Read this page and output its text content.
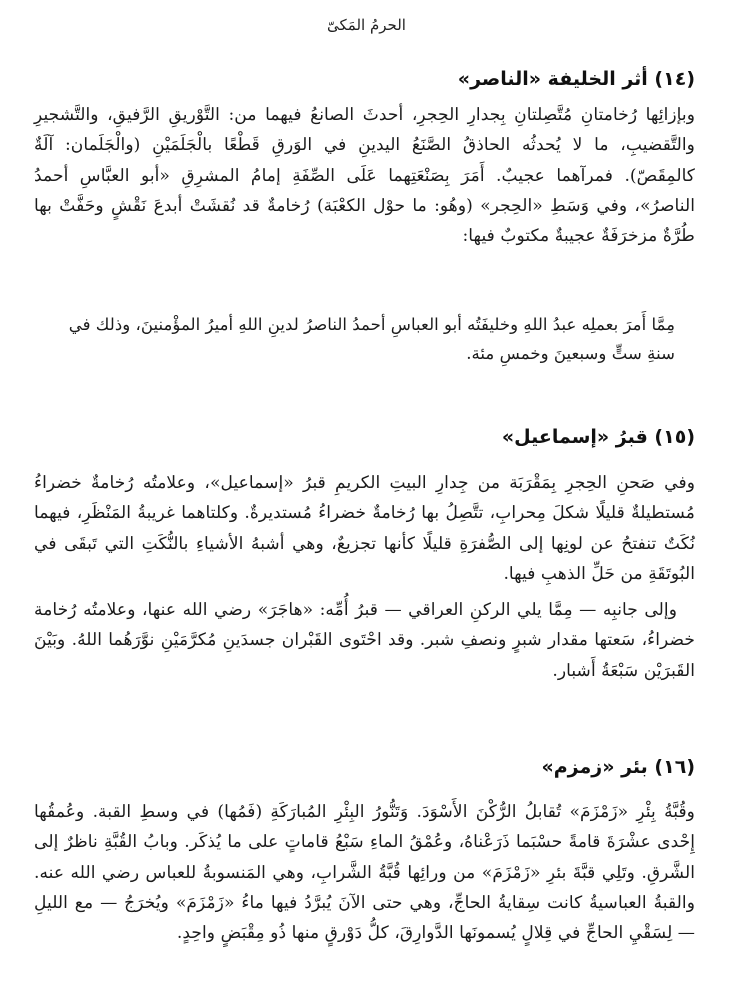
الحرمُ المَكىّ
(١٤) أثر الخليفة «الناصر»

وبإزائِها رُخامتانِ مُتَّصِلتانِ بِجدارِ الحِجرِ، أحدثَ الصانعُ فيهما من: التَّوْريقِ الرَّفيقِ، والتَّشجيرِ والتَّقضيبِ، ما لا يُحدثُه الحاذقُ الصَّنَعُ اليدينِ في الوَرقِ قَطْعًا بالْجَلَمَيْنِ (والْجَلَمان: آلَةٌ كالمِقَصّ). فمرآهما عجيبٌ. أَمَرَ بِصَنْعَتِهما عَلَى الصِّفَةِ إمامُ المشرِقِ «أبو العبَّاسِ أحمدُ الناصرُ»، وفي وَسَطِ «الحِجر» (وهُو: ما حوْل الكعْبَة) رُخامةٌ قد نُقشَتْ أبدعَ نَقْشٍ وحَفَّتْ بها طُرَّةٌ مزخرَفَةٌ عجيبةٌ مكتوبٌ فيها:

مِمَّا أَمرَ بعملِه عبدُ اللهِ وخليفَتُه أبو العباسِ أحمدُ الناصرُ لدينِ اللهِ أميرُ المؤْمنينَ، وذلك في سنةِ ستٍّ وسبعينَ وخمسِ مئة.

(١٥) قبرُ «إسماعيل»

وفي صَحنِ الحِجرِ بِمَقْرَبَة من جِدارِ البيتِ الكريمِ قبرُ «إسماعيل»، وعلامتُه رُخامةٌ خضراءُ مُستطيلةٌ قليلًا شكلَ مِحرابِ، تتَّصِلُ بها رُخامةٌ خضراءُ مُستديرةٌ. وكلتاهما غريبةُ المَنْظَرِ، فيهما نُكَتٌ تنفتحُ عن لونِها إلى الصُّفرَةِ قليلًا كأنها تجزيعٌ، وهي أشبهُ الأشياءِ بالنُّكَتِ التي تَبقَى في البُوتَقَةِ من حَلِّ الذهبِ فيها.

وإلى جانبِه — مِمَّا يلي الركنِ العراقي — قبرُ أُمِّه: «هاجَرَ» رضي الله عنها، وعلامتُه رُخامة خضراءُ، سَعتها مقدار شبرٍ ونصفِ شبر. وقد احْتَوى القَبْران جسدَينِ مُكرَّمَيْنِ نوَّرَهُما اللهُ. وبَيْنَ القَبرَيْن سَبْعَةُ أَشبار.

(١٦) بئر «زمزم»

وقُبَّةُ بِئْرِ «زَمْزَمَ» تُقابلُ الرُّكْنَ الأَسْوَدَ. وَتَنُّورُ البِئْرِ المُبارَكَةِ (فَمُها) في وسطِ القبة. وعُمقُها إِحْدى عشْرَةَ قامةً حسْبَما ذَرَعْناهُ، وعُمْقُ الماءِ سَبْعُ قاماتٍ على ما يُذكَر. وبابُ القُبَّةِ ناظرٌ إلى الشَّرقِ. وتَلِي قبَّةَ بئرِ «زَمْزَمَ» من ورائِها قُبَّةُ الشَّرابِ، وهي المَنسوبةُ للعباس رضي الله عنه. والقبةُ العباسيةُ كانت سِقايةُ الحاجِّ، وهي حتى الآنَ يُبرَّدُ فيها ماءُ «زَمْزَمَ» ويُخرَجُ — مع الليلِ — لِسَقْيِ الحاجِّ في قِلالٍ يُسمونَها الدَّوارِقَ، كلُّ دَوْرقٍ منها ذُو مِقْبَضٍ واحِدٍ.
